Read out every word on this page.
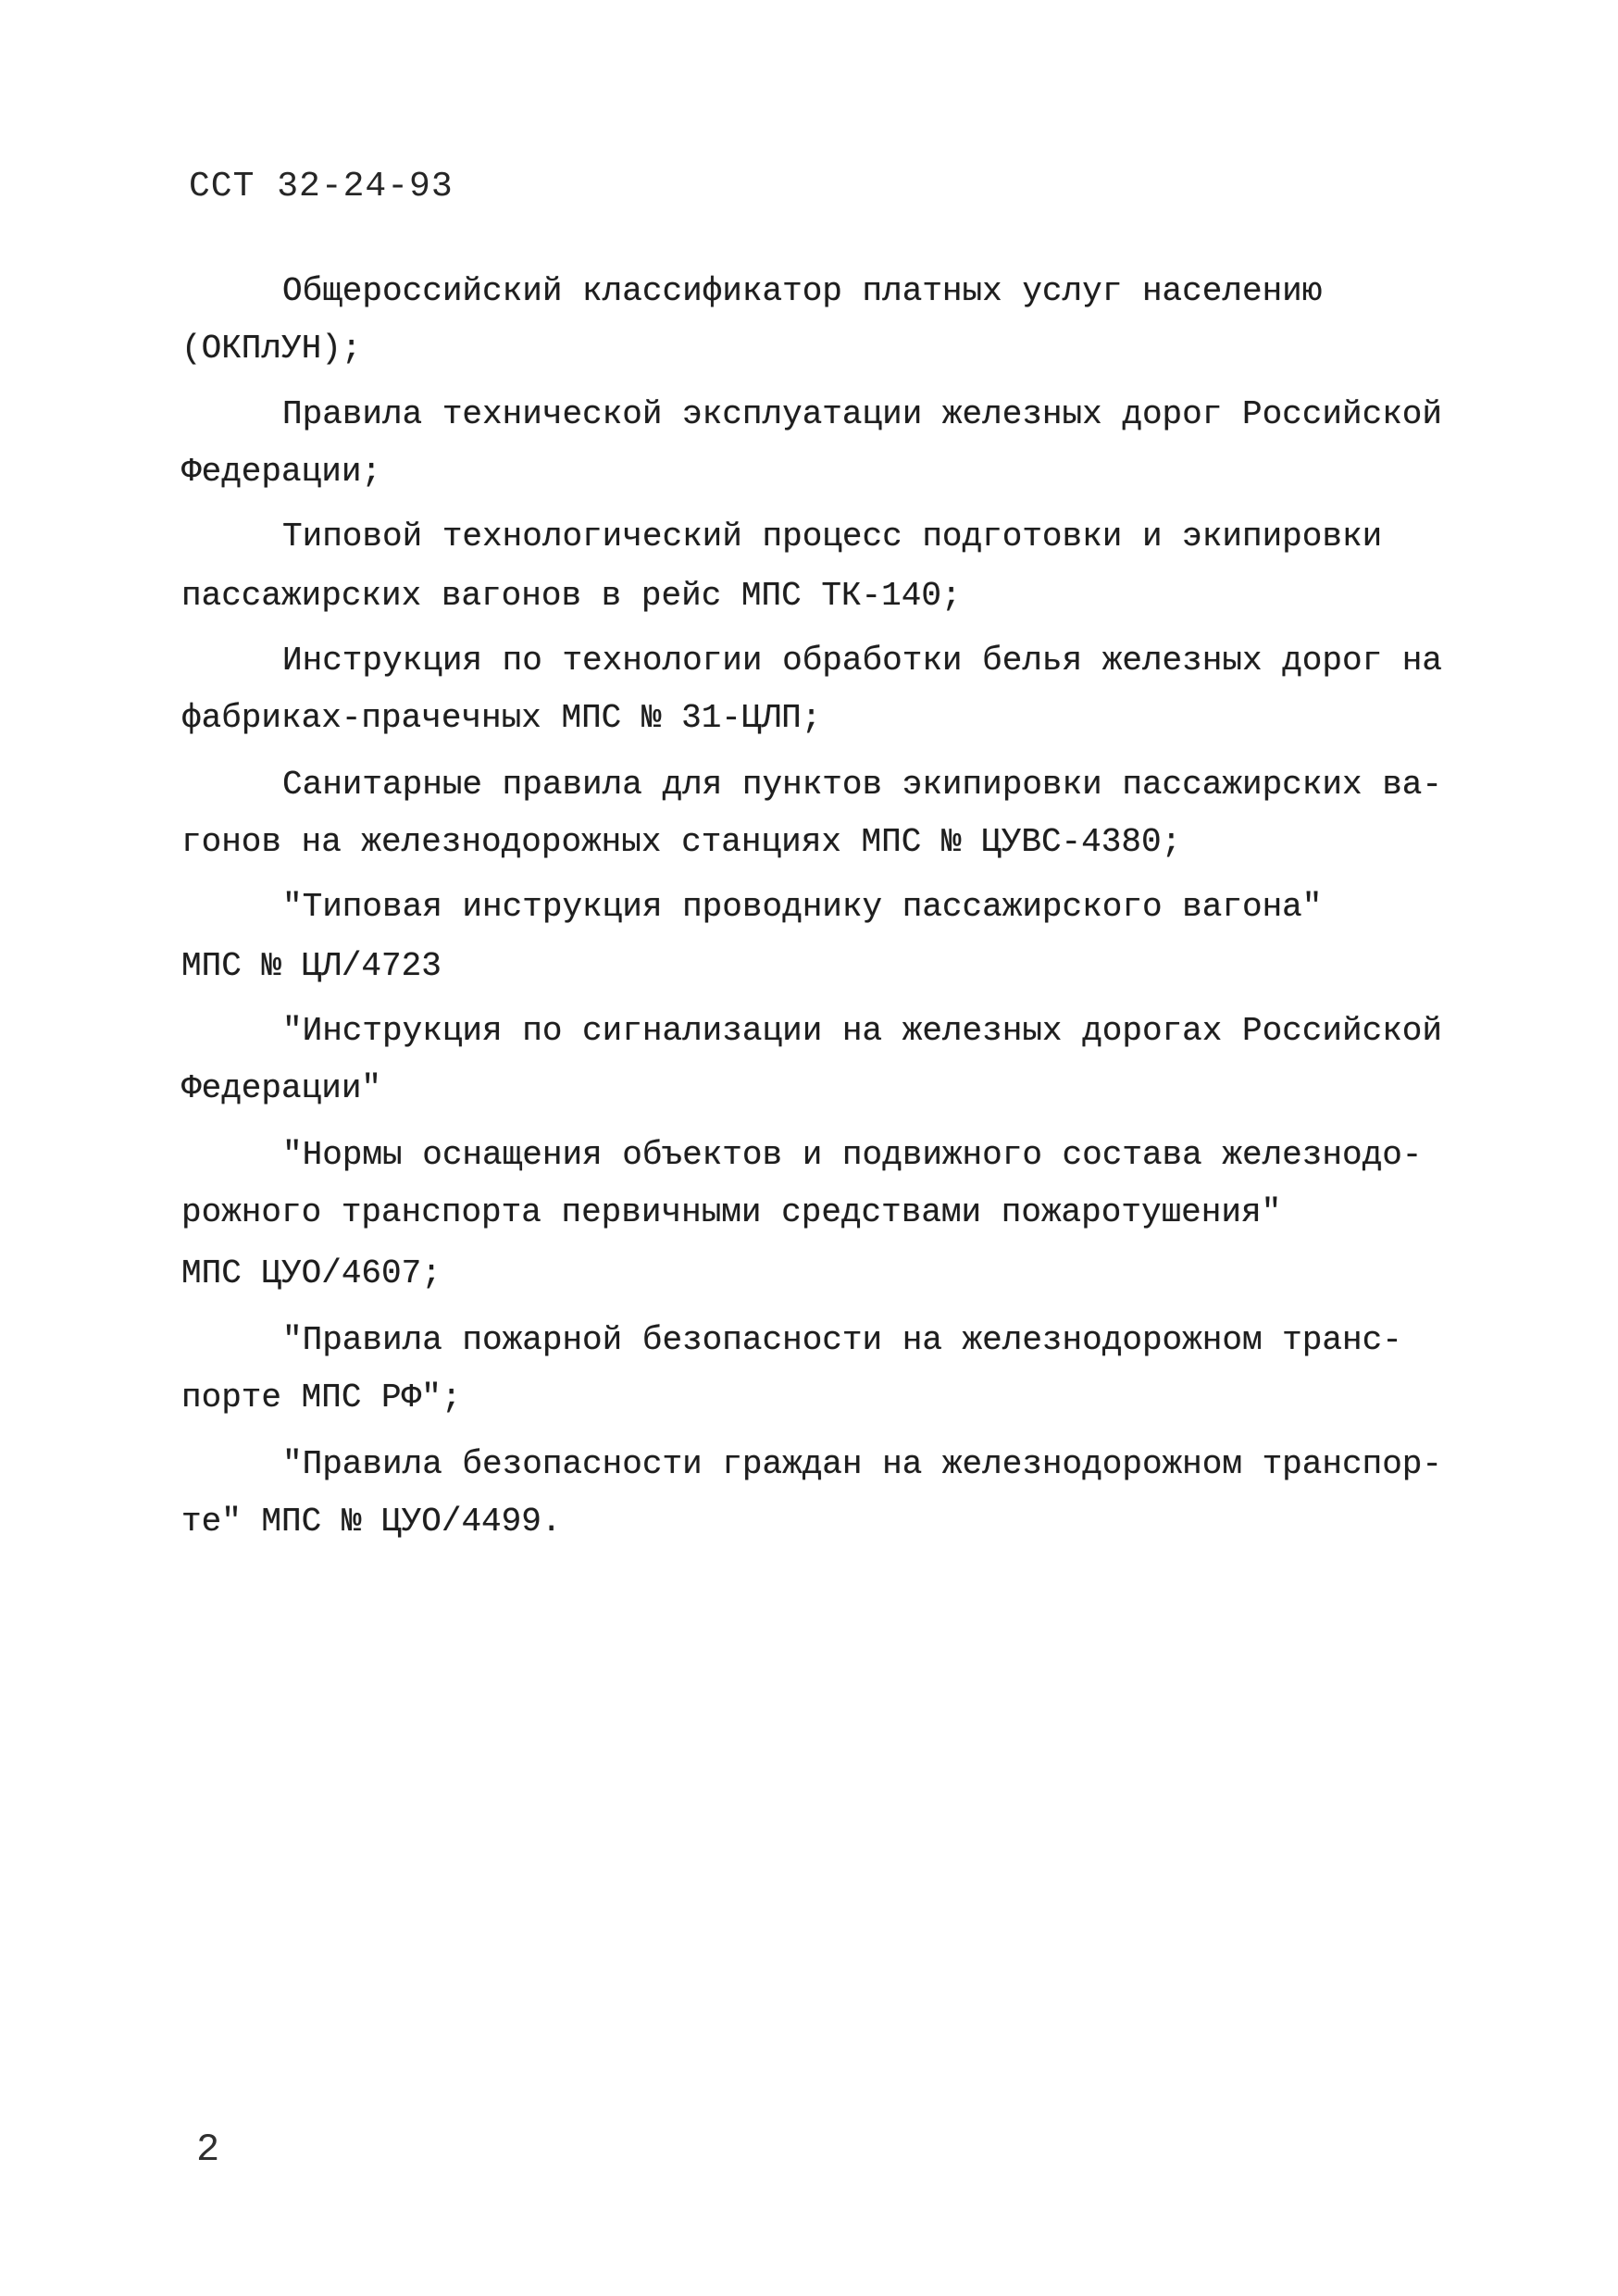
ССТ 32-24-93
Общероссийский классификатор платных услуг населению
(ОКПлУН);
Правила технической эксплуатации железных дорог Российской
Федерации;
Типовой технологический процесс подготовки и экипировки
пассажирских вагонов в рейс МПС ТК-140;
Инструкция по технологии обработки белья железных дорог на
фабриках-прачечных МПС № 31-ЦЛП;
Санитарные правила для пунктов экипировки пассажирских ва-
гонов на железнодорожных станциях МПС № ЦУВС-4380;
"Типовая инструкция проводнику пассажирского вагона"
МПС № ЦЛ/4723
"Инструкция по сигнализации на железных дорогах Российской
Федерации"
"Нормы оснащения объектов и подвижного состава железнодо-
рожного транспорта первичными средствами пожаротушения"
МПС ЦУО/4607;
"Правила пожарной безопасности на железнодорожном транс-
порте МПС РФ";
"Правила безопасности граждан на железнодорожном транспор-
те" МПС № ЦУО/4499.
2
